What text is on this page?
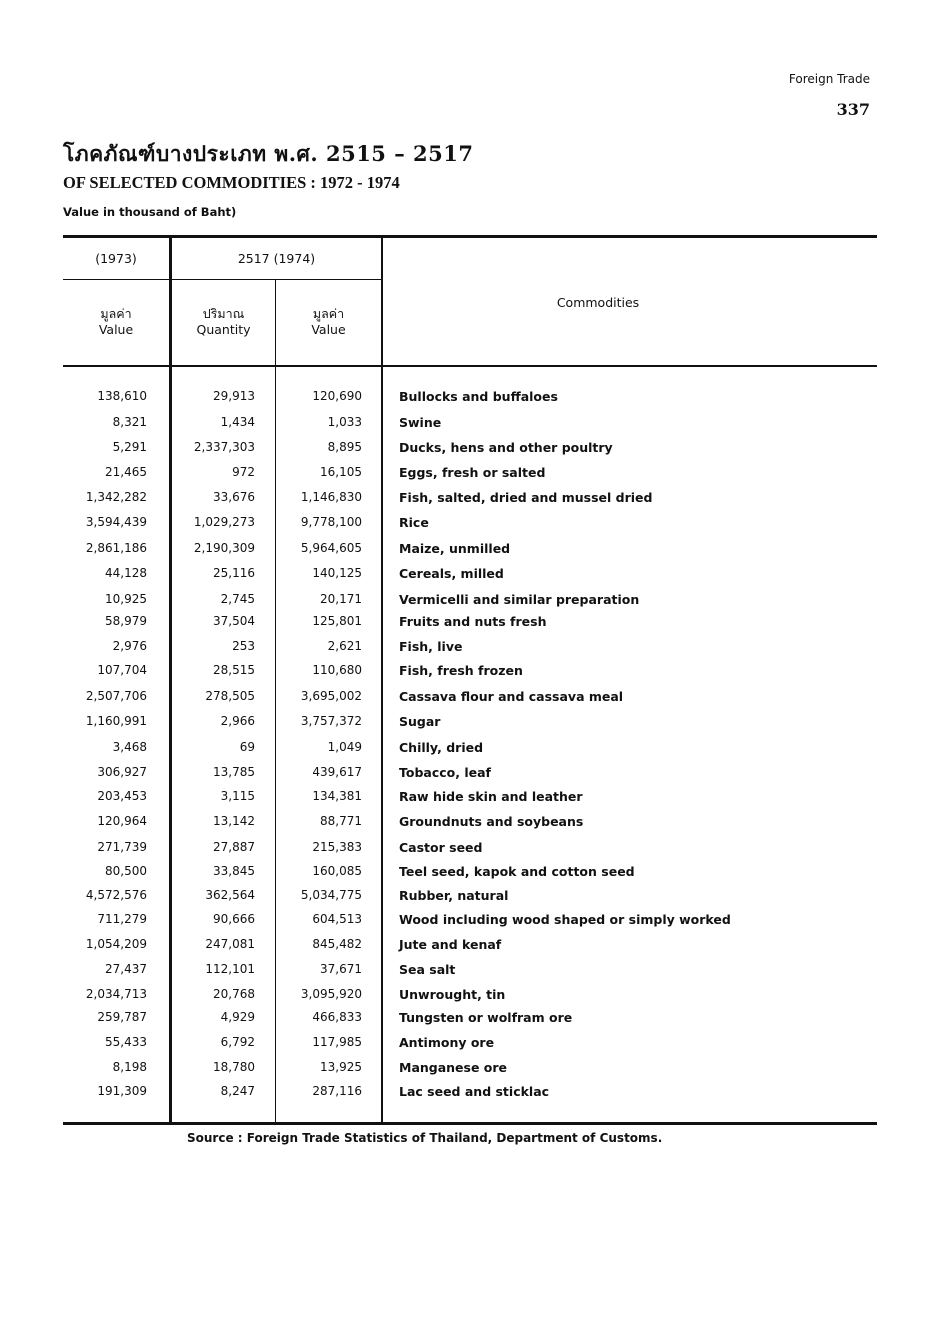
Foreign Trade
337
โภคภัณฑ์บางประเภท พ.ศ. 2515 – 2517
OF SELECTED COMMODITIES : 1972 - 1974
Value in thousand of Baht)
(1973)	2517 (1974)
มูลค่า
Value
ปริมาณ
Quantity
มูลค่า
Value
Commodities
138,610	29,913	120,690	Bullocks and buffaloes
8,321	1,434	1,033	Swine
5,291	2,337,303	8,895	Ducks, hens and other poultry
21,465	972	16,105	Eggs, fresh or salted
1,342,282	33,676	1,146,830	Fish, salted, dried and mussel dried
3,594,439	1,029,273	9,778,100	Rice
2,861,186	2,190,309	5,964,605	Maize, unmilled
44,128	25,116	140,125	Cereals, milled
10,925	2,745	20,171	Vermicelli and similar preparation
58,979	37,504	125,801	Fruits and nuts fresh
2,976	253	2,621	Fish, live
107,704	28,515	110,680	Fish, fresh frozen
2,507,706	278,505	3,695,002	Cassava flour and cassava meal
1,160,991	2,966	3,757,372	Sugar
3,468	69	1,049	Chilly, dried
306,927	13,785	439,617	Tobacco, leaf
203,453	3,115	134,381	Raw hide skin and leather
120,964	13,142	88,771	Groundnuts and soybeans
271,739	27,887	215,383	Castor seed
80,500	33,845	160,085	Teel seed, kapok and cotton seed
4,572,576	362,564	5,034,775	Rubber, natural
711,279	90,666	604,513	Wood including wood shaped or simply worked
1,054,209	247,081	845,482	Jute and kenaf
27,437	112,101	37,671	Sea salt
2,034,713	20,768	3,095,920	Unwrought, tin
259,787	4,929	466,833	Tungsten or wolfram ore
55,433	6,792	117,985	Antimony ore
8,198	18,780	13,925	Manganese ore
191,309	8,247	287,116	Lac seed and sticklac
Source : Foreign Trade Statistics of Thailand, Department of Customs.
